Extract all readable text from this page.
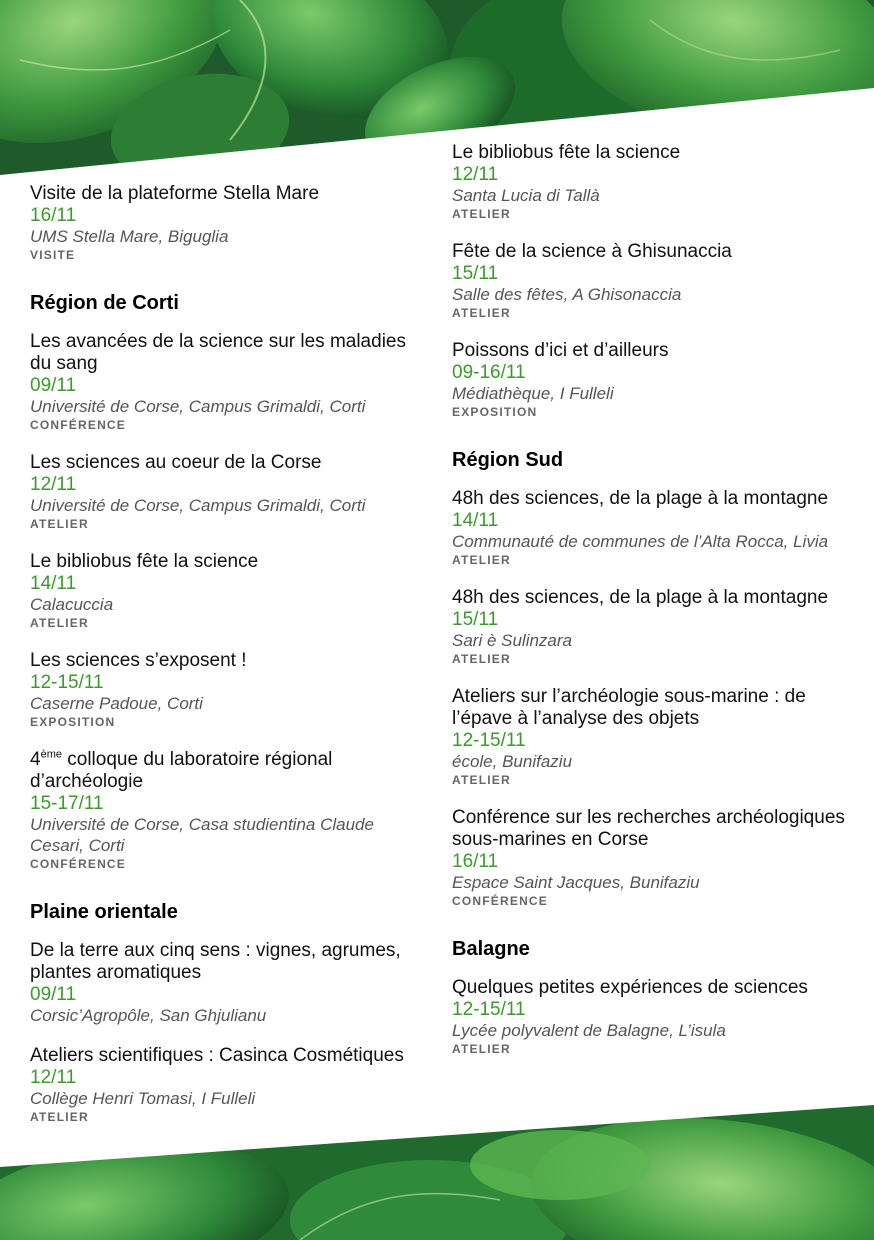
Visite de la plateforme Stella Mare
16/11
UMS Stella Mare, Biguglia
VISITE
Région de Corti
Les avancées de la science sur les maladies du sang
09/11
Université de Corse, Campus Grimaldi, Corti
CONFÉRENCE
Les sciences au coeur de la Corse
12/11
Université de Corse, Campus Grimaldi, Corti
ATELIER
Le bibliobus fête la science
14/11
Calacuccia
ATELIER
Les sciences s’exposent !
12-15/11
Caserne Padoue, Corti
EXPOSITION
4ème colloque du laboratoire régional d’archéologie
15-17/11
Université de Corse, Casa studientina Claude Cesari, Corti
CONFÉRENCE
Plaine orientale
De la terre aux cinq sens : vignes, agrumes, plantes aromatiques
09/11
Corsic’Agropôle, San Ghjulianu
Ateliers scientifiques : Casinca Cosmétiques
12/11
Collège Henri Tomasi, I Fulleli
ATELIER
Le bibliobus fête la science
12/11
Santa Lucia di Tallà
ATELIER
Fête de la science à Ghisunaccia
15/11
Salle des fêtes, A Ghisonaccia
ATELIER
Poissons d’ici et d’ailleurs
09-16/11
Médiathèque, I Fulleli
EXPOSITION
Région Sud
48h des sciences, de la plage à la montagne
14/11
Communauté de communes de l’Alta Rocca, Livia
ATELIER
48h des sciences, de la plage à la montagne
15/11
Sari è Sulinzara
ATELIER
Ateliers sur l’archéologie sous-marine : de l’épave à l’analyse des objets
12-15/11
école, Bunifaziu
ATELIER
Conférence sur les recherches archéologiques sous-marines en Corse
16/11
Espace Saint Jacques, Bunifaziu
CONFÉRENCE
Balagne
Quelques petites expériences de sciences
12-15/11
Lycée polyvalent de Balagne, L’isula
ATELIER
